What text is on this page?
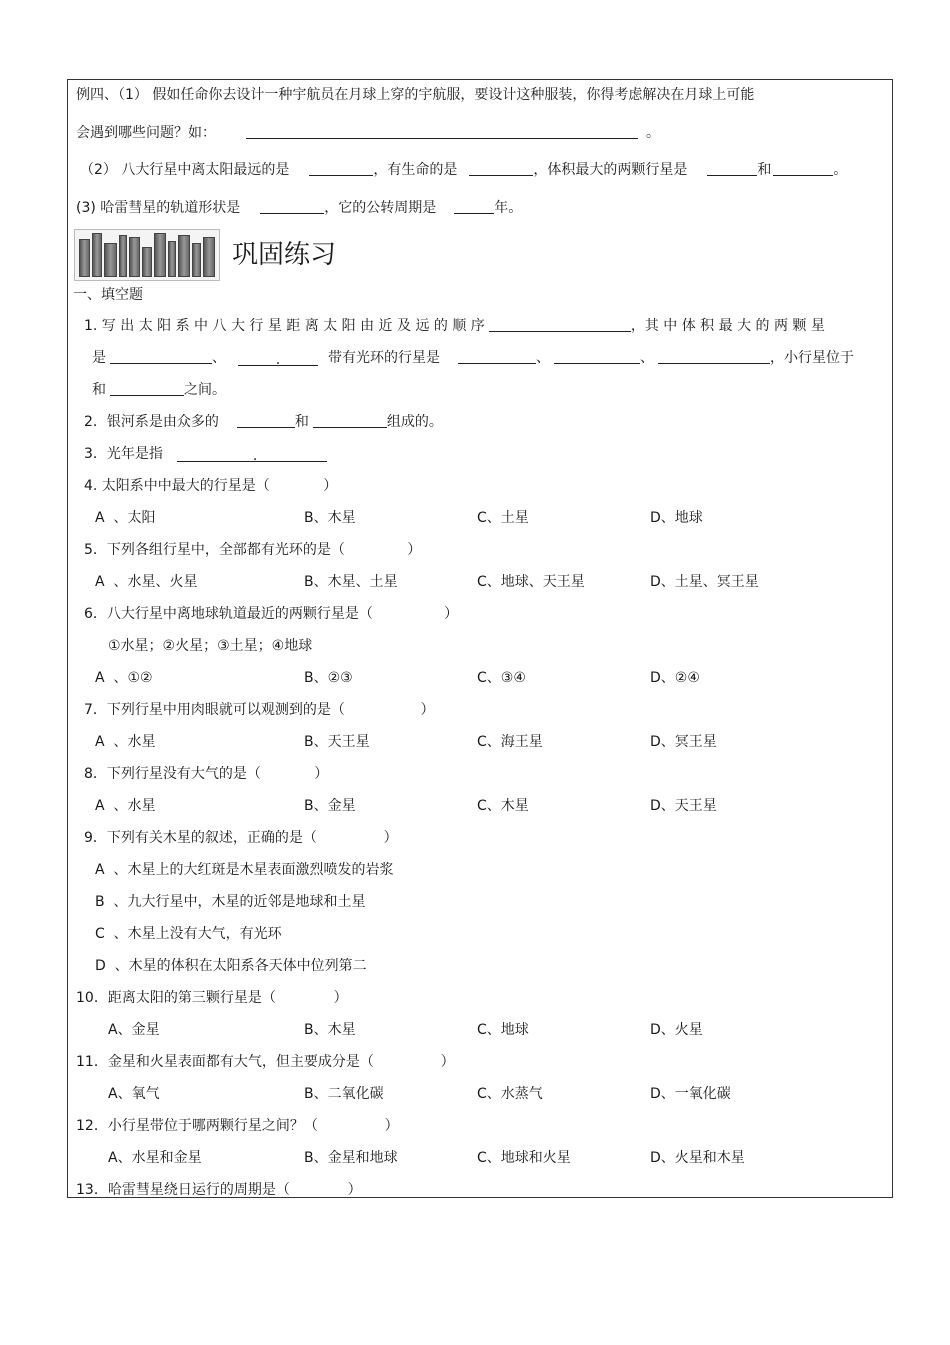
例四、（1） 假如任命你去设计一种宇航员在月球上穿的宇航服，要设计这种服装，你得考虑解决在月球上可能
会遇到哪些问题？如：	。
（2） 八大行星中离太阳最远的是	，有生命的是	，体积最大的两颗行星是	和	。
(3) 哈雷彗星的轨道形状是	，它的公转周期是	年。
巩固练习
一、填空题
1. 写 出 太 阳 系 中 八 大 行 星 距 离 太 阳 由 近 及 远 的 顺 序	，其 中 体 积 最 大 的 两 颗 星
是	、	.	带有光环的行星是	、	、	，小行星位于
和	之间。
2．银河系是由众多的	和	组成的。
3．光年是指	.
4. 太阳系中中最大的行星是（            ）
A  、太阳	B、木星	C、土星	D、地球
5．下列各组行星中，全部都有光环的是（              ）
A  、水星、火星	B、木星、土星	C、地球、天王星	D、土星、冥王星
6．八大行星中离地球轨道最近的两颗行星是（                ）
①水星；②火星；③土星；④地球
A  、①②	B、②③	C、③④	D、②④
7．下列行星中用肉眼就可以观测到的是（                 ）
A  、水星	B、天王星	C、海王星	D、冥王星
8．下列行星没有大气的是（            ）
A  、水星	B、金星	C、木星	D、天王星
9．下列有关木星的叙述，正确的是（               ）
A  、木星上的大红斑是木星表面激烈喷发的岩浆
B  、九大行星中，木星的近邻是地球和土星
C  、木星上没有大气，有光环
D  、木星的体积在太阳系各天体中位列第二
10．距离太阳的第三颗行星是（             ）
A、金星	B、木星	C、地球	D、火星
11．金星和火星表面都有大气，但主要成分是（               ）
A、氧气	B、二氧化碳	C、水蒸气	D、一氧化碳
12．小行星带位于哪两颗行星之间？（               ）
A、水星和金星	B、金星和地球	C、地球和火星	D、火星和木星
13．哈雷彗星绕日运行的周期是（             ）
